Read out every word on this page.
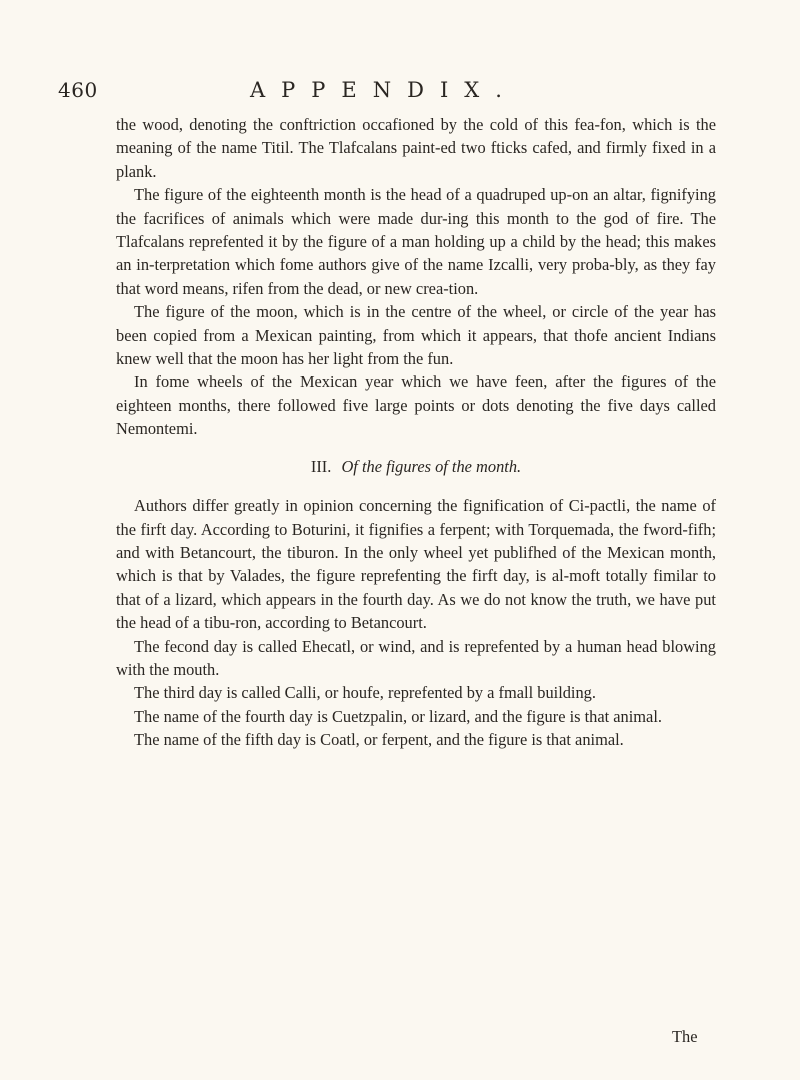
460	APPENDIX.

the wood, denoting the conftriction occafioned by the cold of this fea-fon, which is the meaning of the name Titil. The Tlafcalans paint-ed two fticks cafed, and firmly fixed in a plank.

The figure of the eighteenth month is the head of a quadruped up-on an altar, fignifying the facrifices of animals which were made dur-ing this month to the god of fire. The Tlafcalans reprefented it by the figure of a man holding up a child by the head; this makes an in-terpretation which fome authors give of the name Izcalli, very proba-bly, as they fay that word means, rifen from the dead, or new crea-tion.

The figure of the moon, which is in the centre of the wheel, or circle of the year has been copied from a Mexican painting, from which it appears, that thofe ancient Indians knew well that the moon has her light from the fun.

In fome wheels of the Mexican year which we have feen, after the figures of the eighteen months, there followed five large points or dots denoting the five days called Nemontemi.

III. Of the figures of the month.

Authors differ greatly in opinion concerning the fignification of Ci-pactli, the name of the firft day. According to Boturini, it fignifies a ferpent; with Torquemada, the fword-fifh; and with Betancourt, the tiburon. In the only wheel yet publifhed of the Mexican month, which is that by Valades, the figure reprefenting the firft day, is al-moft totally fimilar to that of a lizard, which appears in the fourth day. As we do not know the truth, we have put the head of a tibu-ron, according to Betancourt.

The fecond day is called Ehecatl, or wind, and is reprefented by a human head blowing with the mouth.

The third day is called Calli, or houfe, reprefented by a fmall building.

The name of the fourth day is Cuetzpalin, or lizard, and the figure is that animal.

The name of the fifth day is Coatl, or ferpent, and the figure is that animal.

The
